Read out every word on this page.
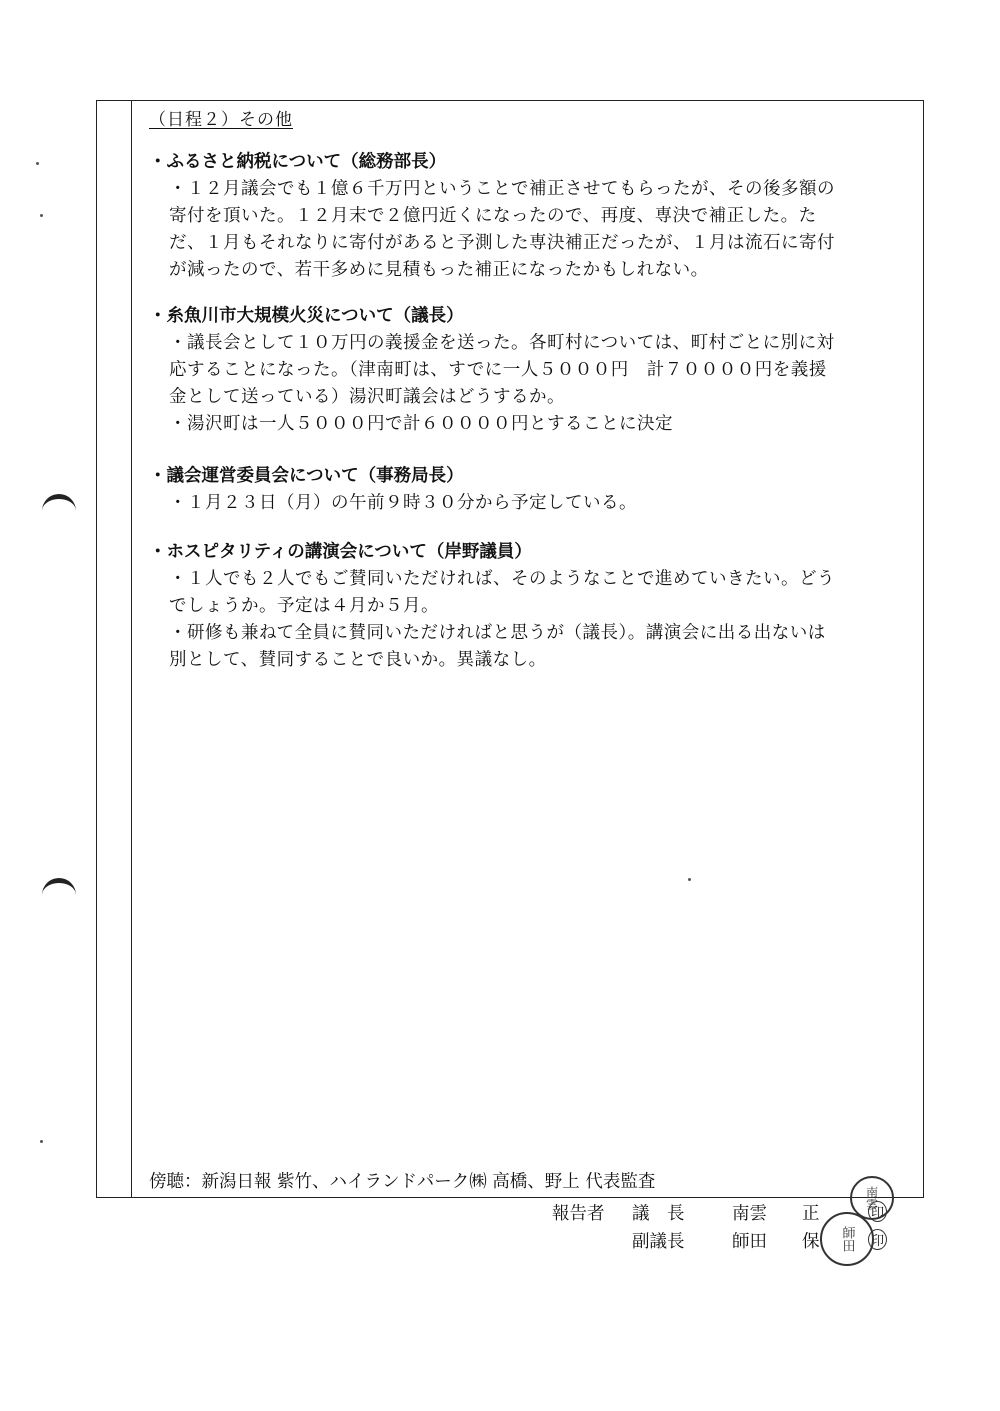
（日程２）その他
・ふるさと納税について（総務部長）
・１２月議会でも１億６千万円ということで補正させてもらったが、その後多額の
寄付を頂いた。１２月末で２億円近くになったので、再度、専決で補正した。た
だ、１月もそれなりに寄付があると予測した専決補正だったが、１月は流石に寄付
が減ったので、若干多めに見積もった補正になったかもしれない。
・糸魚川市大規模火災について（議長）
・議長会として１０万円の義援金を送った。各町村については、町村ごとに別に対
応することになった。（津南町は、すでに一人５０００円　計７００００円を義援
金として送っている）湯沢町議会はどうするか。
・湯沢町は一人５０００円で計６００００円とすることに決定
・議会運営委員会について（事務局長）
・１月２３日（月）の午前９時３０分から予定している。
・ホスピタリティの講演会について（岸野議員）
・１人でも２人でもご賛同いただければ、そのようなことで進めていきたい。どう
でしょうか。予定は４月か５月。
・研修も兼ねて全員に賛同いただければと思うが（議長）。講演会に出る出ないは
別として、賛同することで良いか。異議なし。
傍聴：新潟日報 紫竹、ハイランドパーク㈱ 高橋、野上 代表監査
報告者 議　長	南雲　　正	印
副議長	師田　　保	印
南雲
師田
